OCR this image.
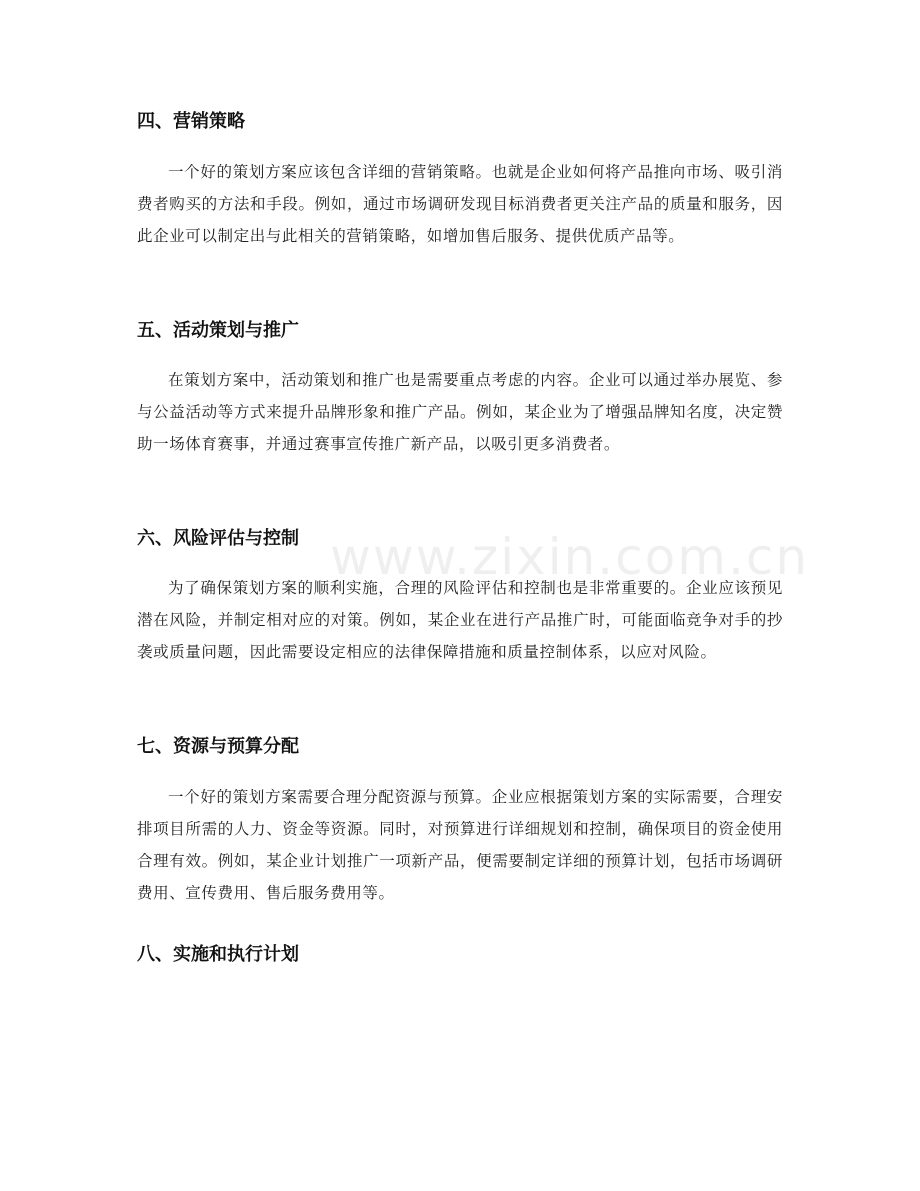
www.zixin.com.cn
四、营销策略

一个好的策划方案应该包含详细的营销策略。也就是企业如何将产品推向市场、吸引消费者购买的方法和手段。例如，通过市场调研发现目标消费者更关注产品的质量和服务，因此企业可以制定出与此相关的营销策略，如增加售后服务、提供优质产品等。

五、活动策划与推广

在策划方案中，活动策划和推广也是需要重点考虑的内容。企业可以通过举办展览、参与公益活动等方式来提升品牌形象和推广产品。例如，某企业为了增强品牌知名度，决定赞助一场体育赛事，并通过赛事宣传推广新产品，以吸引更多消费者。

六、风险评估与控制

为了确保策划方案的顺利实施，合理的风险评估和控制也是非常重要的。企业应该预见潜在风险，并制定相对应的对策。例如，某企业在进行产品推广时，可能面临竞争对手的抄袭或质量问题，因此需要设定相应的法律保障措施和质量控制体系，以应对风险。

七、资源与预算分配

一个好的策划方案需要合理分配资源与预算。企业应根据策划方案的实际需要，合理安排项目所需的人力、资金等资源。同时，对预算进行详细规划和控制，确保项目的资金使用合理有效。例如，某企业计划推广一项新产品，便需要制定详细的预算计划，包括市场调研费用、宣传费用、售后服务费用等。

八、实施和执行计划
